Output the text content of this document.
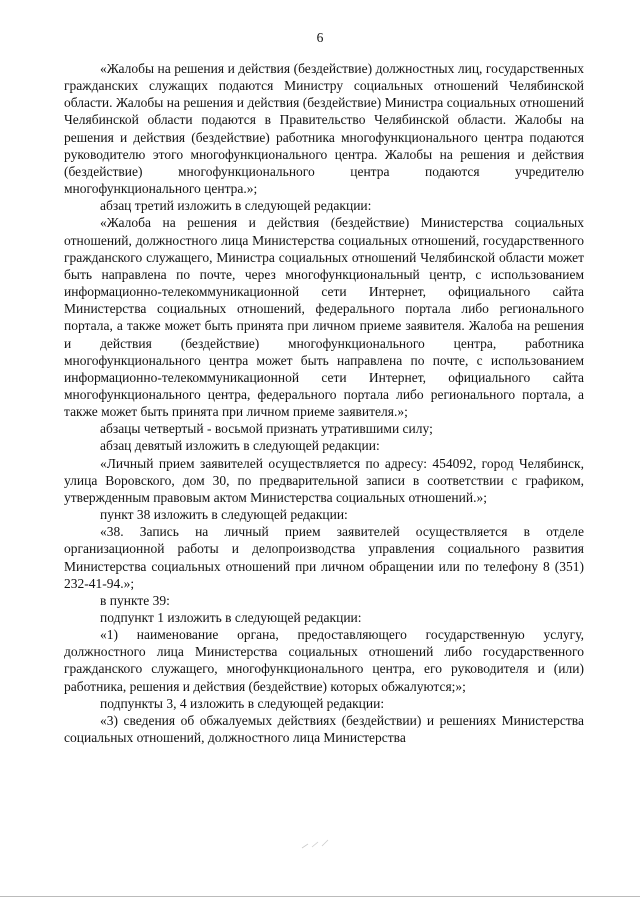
6

«Жалобы на решения и действия (бездействие) должностных лиц, государственных гражданских служащих подаются Министру социальных отношений Челябинской области. Жалобы на решения и действия (бездействие) Министра социальных отношений Челябинской области подаются в Правительство Челябинской области. Жалобы на решения и действия (бездействие) работника многофункционального центра подаются руководителю этого многофункционального центра. Жалобы на решения и действия (бездействие) многофункционального центра подаются учредителю многофункционального центра.»;

абзац третий изложить в следующей редакции:

«Жалоба на решения и действия (бездействие) Министерства социальных отношений, должностного лица Министерства социальных отношений, государственного гражданского служащего, Министра социальных отношений Челябинской области может быть направлена по почте, через многофункциональный центр, с использованием информационно-телекоммуникационной сети Интернет, официального сайта Министерства социальных отношений, федерального портала либо регионального портала, а также может быть принята при личном приеме заявителя. Жалоба на решения и действия (бездействие) многофункционального центра, работника многофункционального центра может быть направлена по почте, с использованием информационно-телекоммуникационной сети Интернет, официального сайта многофункционального центра, федерального портала либо регионального портала, а также может быть принята при личном приеме заявителя.»;

абзацы четвертый - восьмой признать утратившими силу;

абзац девятый изложить в следующей редакции:

«Личный прием заявителей осуществляется по адресу: 454092, город Челябинск, улица Воровского, дом 30, по предварительной записи в соответствии с графиком, утвержденным правовым актом Министерства социальных отношений.»;

пункт 38 изложить в следующей редакции:

«38. Запись на личный прием заявителей осуществляется в отделе организационной работы и делопроизводства управления социального развития Министерства социальных отношений при личном обращении или по телефону 8 (351) 232-41-94.»;

в пункте 39:

подпункт 1 изложить в следующей редакции:

«1) наименование органа, предоставляющего государственную услугу, должностного лица Министерства социальных отношений либо государственного гражданского служащего, многофункционального центра, его руководителя и (или) работника, решения и действия (бездействие) которых обжалуются;»;

подпункты 3, 4 изложить в следующей редакции:

«3) сведения об обжалуемых действиях (бездействии) и решениях Министерства социальных отношений, должностного лица Министерства
